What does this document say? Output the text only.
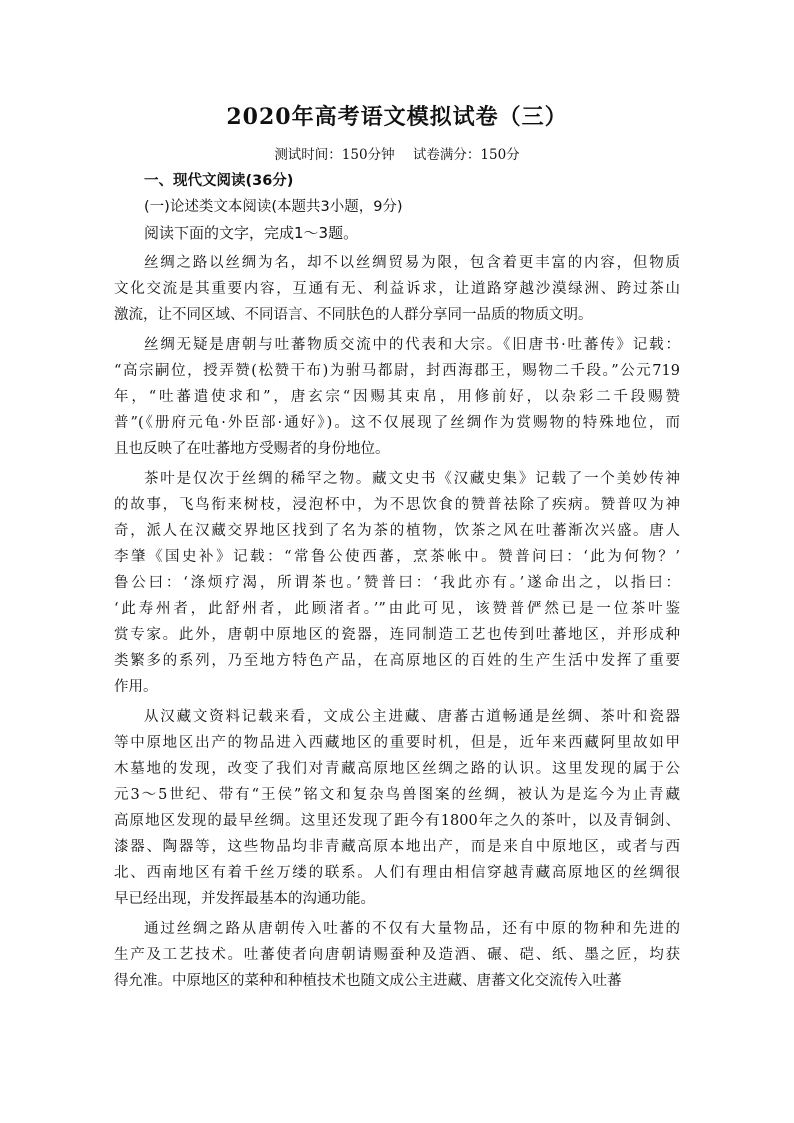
2020年高考语文模拟试卷（三）
测试时间：150分钟 试卷满分：150分
一、现代文阅读(36分)
(一)论述类文本阅读(本题共3小题，9分)
阅读下面的文字，完成1～3题。
丝绸之路以丝绸为名，却不以丝绸贸易为限，包含着更丰富的内容，但物质
文化交流是其重要内容，互通有无、利益诉求，让道路穿越沙漠绿洲、跨过茶山
激流，让不同区域、不同语言、不同肤色的人群分享同一品质的物质文明。
丝绸无疑是唐朝与吐蕃物质交流中的代表和大宗。《旧唐书·吐蕃传》记载：
“高宗嗣位，授弄赞(松赞干布)为驸马都尉，封西海郡王，赐物二千段。”公元719
年，“吐蕃遣使求和”，唐玄宗“因赐其束帛，用修前好，以杂彩二千段赐赞
普”(《册府元龟·外臣部·通好》)。这不仅展现了丝绸作为赏赐物的特殊地位，而
且也反映了在吐蕃地方受赐者的身份地位。
茶叶是仅次于丝绸的稀罕之物。藏文史书《汉藏史集》记载了一个美妙传神
的故事，飞鸟衔来树枝，浸泡杯中，为不思饮食的赞普祛除了疾病。赞普叹为神
奇，派人在汉藏交界地区找到了名为茶的植物，饮茶之风在吐蕃渐次兴盛。唐人
李肇《国史补》记载：“常鲁公使西蕃，烹茶帐中。赞普问曰：‘此为何物？’
鲁公曰：‘涤烦疗渴，所谓茶也。’赞普曰：‘我此亦有。’遂命出之，以指曰：
‘此寿州者，此舒州者，此顾渚者。’”由此可见，该赞普俨然已是一位茶叶鉴
赏专家。此外，唐朝中原地区的瓷器，连同制造工艺也传到吐蕃地区，并形成种
类繁多的系列，乃至地方特色产品，在高原地区的百姓的生产生活中发挥了重要
作用。
从汉藏文资料记载来看，文成公主进藏、唐蕃古道畅通是丝绸、茶叶和瓷器
等中原地区出产的物品进入西藏地区的重要时机，但是，近年来西藏阿里故如甲
木墓地的发现，改变了我们对青藏高原地区丝绸之路的认识。这里发现的属于公
元3～5世纪、带有“王侯”铭文和复杂鸟兽图案的丝绸，被认为是迄今为止青藏
高原地区发现的最早丝绸。这里还发现了距今有1800年之久的茶叶，以及青铜剑、
漆器、陶器等，这些物品均非青藏高原本地出产，而是来自中原地区，或者与西
北、西南地区有着千丝万缕的联系。人们有理由相信穿越青藏高原地区的丝绸很
早已经出现，并发挥最基本的沟通功能。
通过丝绸之路从唐朝传入吐蕃的不仅有大量物品，还有中原的物种和先进的
生产及工艺技术。吐蕃使者向唐朝请赐蚕种及造酒、碾、硙、纸、墨之匠，均获
得允准。中原地区的菜种和种植技术也随文成公主进藏、唐蕃文化交流传入吐蕃
